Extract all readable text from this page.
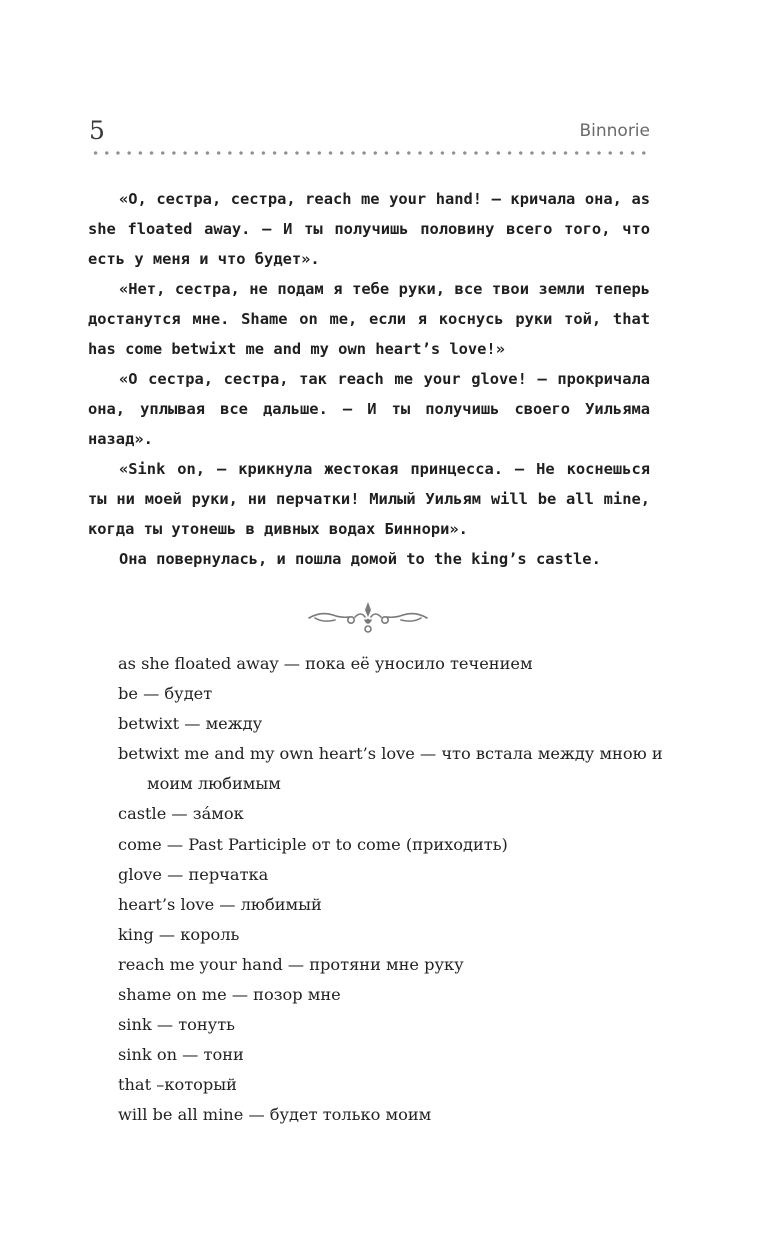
5	Binnorie

«О, сестра, сестра, reach me your hand! — кричала она, as she floated away. — И ты получишь половину всего того, что есть у меня и что будет».

«Нет, сестра, не подам я тебе руки, все твои земли теперь достанутся мне. Shame on me, если я коснусь руки той, that has come betwixt me and my own heart’s love!»

«О сестра, сестра, так reach me your glove! — прокричала она, уплывая все дальше. — И ты получишь своего Уильяма назад».

«Sink on, — крикнула жестокая принцесса. — Не коснешься ты ни моей руки, ни перчатки! Милый Уильям will be all mine, когда ты утонешь в дивных водах Биннори».

Она повернулась, и пошла домой to the king’s castle.

as she floated away — пока её уносило течением
be — будет
betwixt — между
betwixt me and my own heart’s love — что встала между мною и моим любимым
castle — за́мок
come — Past Participle от to come (приходить)
glove — перчатка
heart’s love — любимый
king — король
reach me your hand — протяни мне руку
shame on me — позор мне
sink — тонуть
sink on — тони
that –который
will be all mine — будет только моим
